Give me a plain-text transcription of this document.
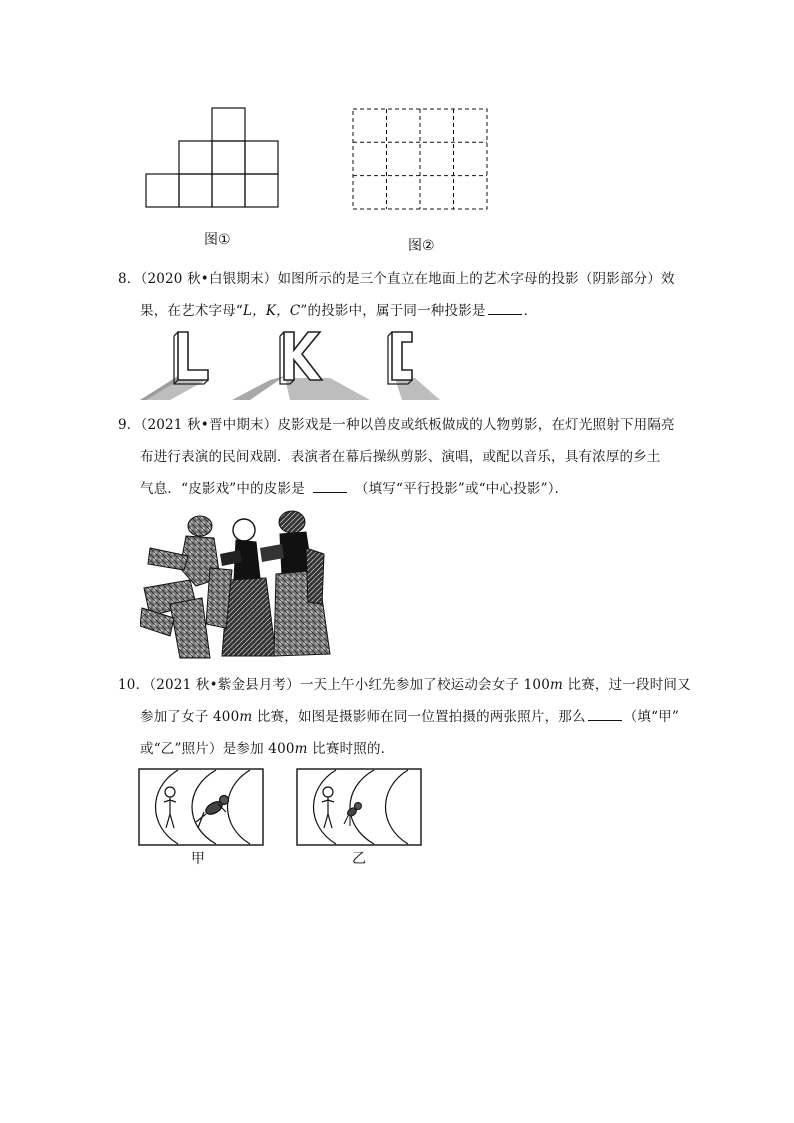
图①	图②
8．（2020 秋•白银期末）如图所示的是三个直立在地面上的艺术字母的投影（阴影部分）效
果，在艺术字母“L，K，C”的投影中，属于同一种投影是	．
9．（2021 秋•晋中期末）皮影戏是一种以兽皮或纸板做成的人物剪影，在灯光照射下用隔亮
布进行表演的民间戏剧．表演者在幕后操纵剪影、演唱，或配以音乐，具有浓厚的乡土
气息．“皮影戏”中的皮影是	（填写“平行投影”或“中心投影”）．
10．（2021 秋•紫金县月考）一天上午小红先参加了校运动会女子 100m 比赛，过一段时间又
参加了女子 400m 比赛，如图是摄影师在同一位置拍摄的两张照片，那么	（填“甲”
或“乙”照片）是参加 400m 比赛时照的．
甲	乙
